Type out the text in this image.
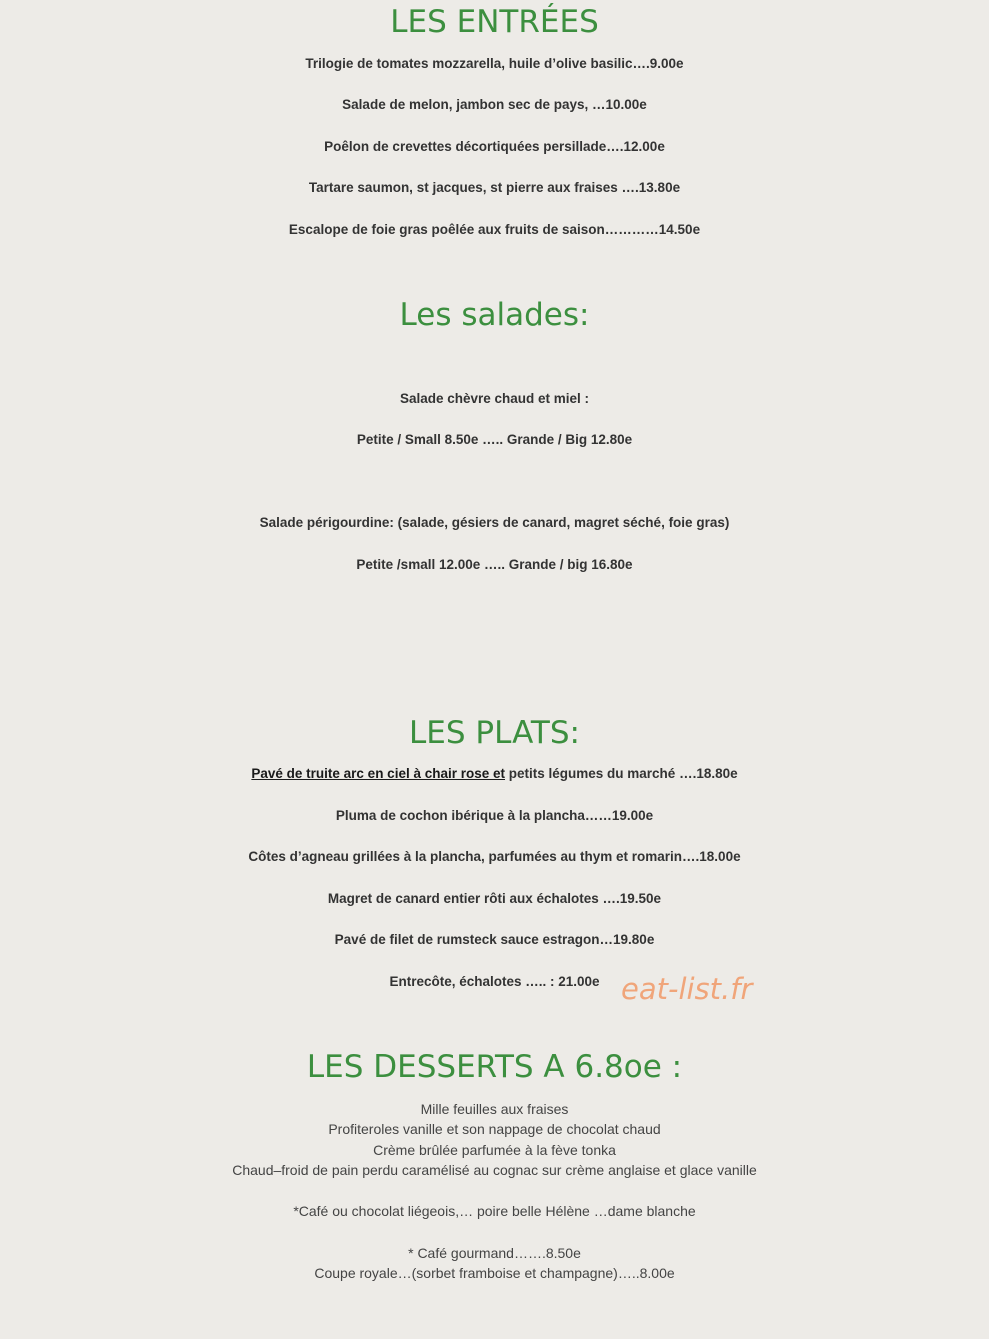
LES ENTRÉES

Trilogie de tomates mozzarella, huile d’olive basilic….9.00e

Salade de melon, jambon sec de pays, …10.00e

Poêlon de crevettes décortiquées persillade….12.00e

Tartare saumon, st jacques, st pierre aux fraises ….13.80e

Escalope de foie gras poêlée aux fruits de saison…………14.50e

Les salades:

Salade chèvre chaud et miel :

Petite / Small 8.50e ….. Grande / Big 12.80e

Salade périgourdine: (salade, gésiers de canard, magret séché, foie gras)

Petite /small 12.00e ….. Grande / big 16.80e

LES PLATS:

Pavé de truite arc en ciel à chair rose et petits légumes du marché ….18.80e

Pluma de cochon ibérique à la plancha……19.00e

Côtes d’agneau grillées à la plancha, parfumées au thym et romarin….18.00e

Magret de canard entier rôti aux échalotes ….19.50e

Pavé de filet de rumsteck sauce estragon…19.80e

Entrecôte, échalotes ….. : 21.00e eat-list.fr
LES DESSERTS A 6.8oe :

Mille feuilles aux fraises

Profiteroles vanille et son nappage de chocolat chaud

Crème brûlée parfumée à la fève tonka

Chaud–froid de pain perdu caramélisé au cognac sur crème anglaise et glace vanille

*Café ou chocolat liégeois,… poire belle Hélène …dame blanche

* Café gourmand…….8.50e

Coupe royale…(sorbet framboise et champagne)…..8.00e
